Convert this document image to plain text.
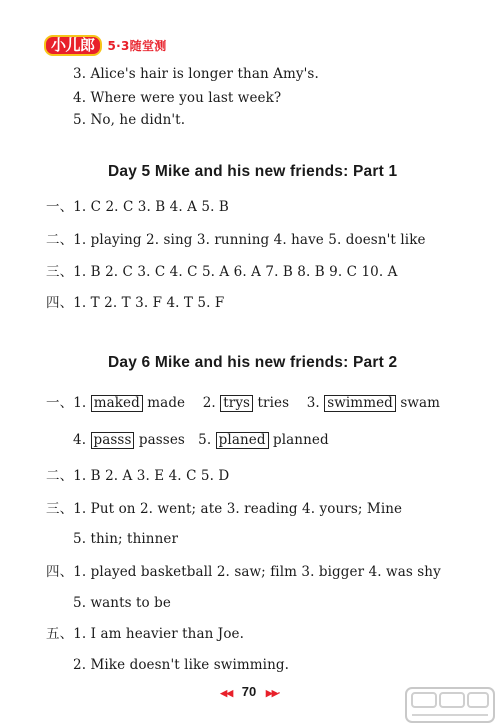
小儿郎	5·3随堂测
3. Alice's hair is longer than Amy's.
4. Where were you last week?
5. No, he didn't.
Day 5 Mike and his new friends: Part 1
一、1. C 2. C 3. B 4. A 5. B
二、1. playing 2. sing 3. running 4. have 5. doesn't like
三、1. B 2. C 3. C 4. C 5. A 6. A 7. B 8. B 9. C 10. A
四、1. T 2. T 3. F 4. T 5. F
Day 6 Mike and his new friends: Part 2
一、1. maked made 2. trys tries 3. swimmed swam
4. passs passes 5. planed planned
二、1. B 2. A 3. E 4. C 5. D
三、1. Put on 2. went; ate 3. reading 4. yours; Mine
5. thin; thinner
四、1. played basketball 2. saw; film 3. bigger 4. was shy
5. wants to be
五、1. I am heavier than Joe.
2. Mike doesn't like swimming.
◀◀ 70 ▶▶·
